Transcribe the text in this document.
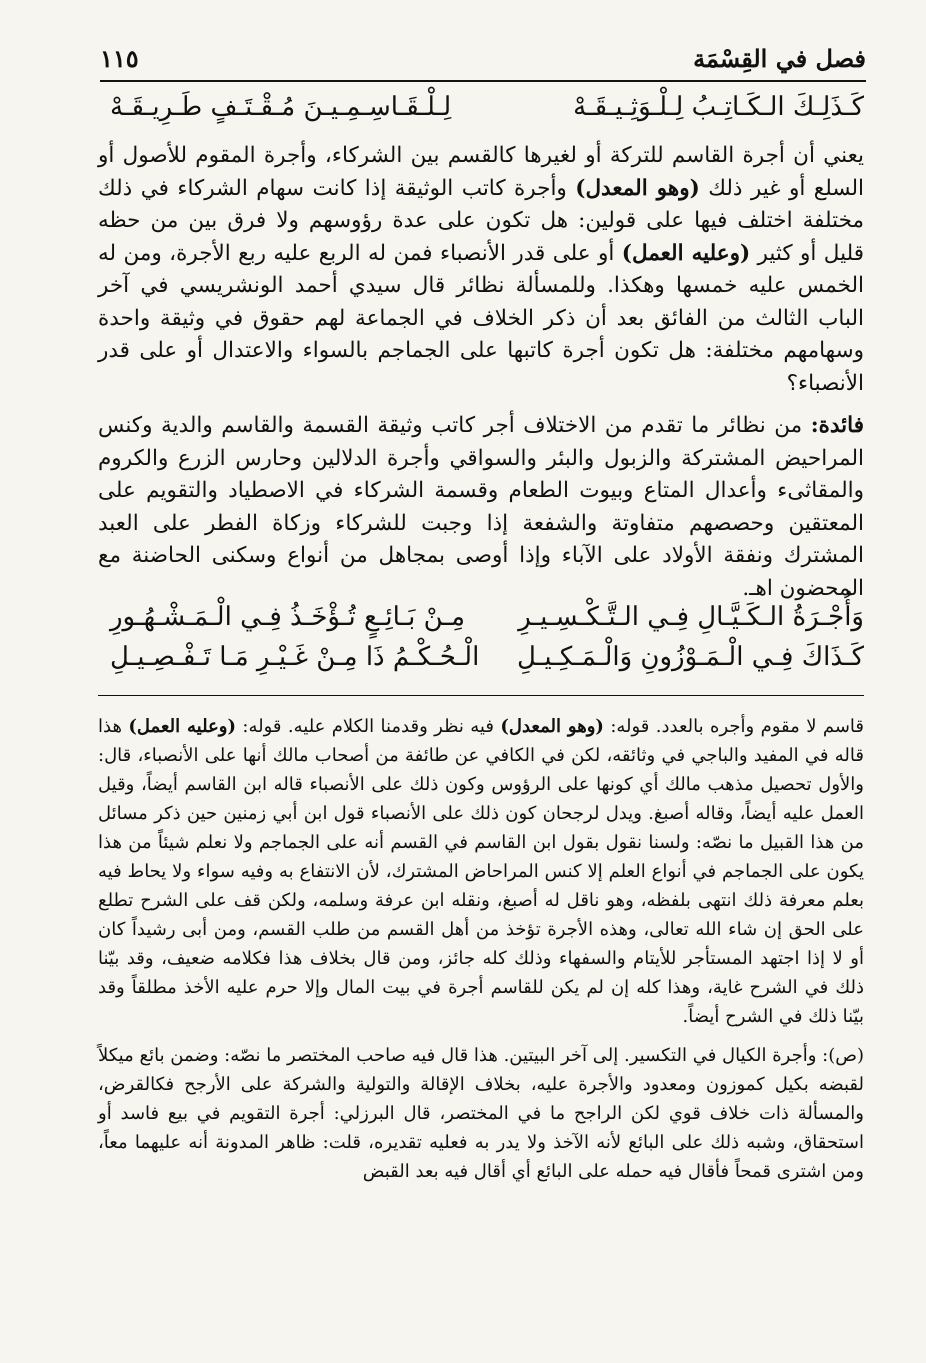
فصل في القِسْمَة
١١٥
كَـذَلِـكَ الـكَـاتِـبُ لِـلْـوَثِـيـقَـهْ
لِـلْـقَـاسِـمِـيـنَ مُـقْـتَـفٍ طَـرِيـقَـهْ

يعني أن أجرة القاسم للتركة أو لغيرها كالقسم بين الشركاء، وأجرة المقوم للأصول أو السلع أو غير ذلك (وهو المعدل) وأجرة كاتب الوثيقة إذا كانت سهام الشركاء في ذلك مختلفة اختلف فيها على قولين: هل تكون على عدة رؤوسهم ولا فرق بين من حظه قليل أو كثير (وعليه العمل) أو على قدر الأنصباء فمن له الربع عليه ربع الأجرة، ومن له الخمس عليه خمسها وهكذا. وللمسألة نظائر قال سيدي أحمد الونشريسي في آخر الباب الثالث من الفائق بعد أن ذكر الخلاف في الجماعة لهم حقوق في وثيقة واحدة وسهامهم مختلفة: هل تكون أجرة كاتبها على الجماجم بالسواء والاعتدال أو على قدر الأنصباء؟

فائدة: من نظائر ما تقدم من الاختلاف أجر كاتب وثيقة القسمة والقاسم والدية وكنس المراحيض المشتركة والزبول والبئر والسواقي وأجرة الدلالين وحارس الزرع والكروم والمقاثىء وأعدال المتاع وبيوت الطعام وقسمة الشركاء في الاصطياد والتقويم على المعتقين وحصصهم متفاوتة والشفعة إذا وجبت للشركاء وزكاة الفطر على العبد المشترك ونفقة الأولاد على الآباء وإذا أوصى بمجاهل من أنواع وسكنى الحاضنة مع المحضون اهـ.

وَأُجْـرَةُ الـكَـيَّـالِ فِـي الـتَّـكْـسِـيـرِ
مِـنْ بَـائِـعٍ تُـؤْخَـذُ فِـي الْـمَـشْـهُـورِ
كَـذَاكَ فِـي الْـمَـوْزُونِ وَالْـمَـكِـيـلِ
الْـحُـكْـمُ ذَا مِـنْ غَـيْـرِ مَـا تَـفْـصِـيـلِ

قاسم لا مقوم وأجره بالعدد. قوله: (وهو المعدل) فيه نظر وقدمنا الكلام عليه. قوله: (وعليه العمل) هذا قاله في المفيد والباجي في وثائقه، لكن في الكافي عن طائفة من أصحاب مالك أنها على الأنصباء، قال: والأول تحصيل مذهب مالك أي كونها على الرؤوس وكون ذلك على الأنصباء قاله ابن القاسم أيضاً، وقيل العمل عليه أيضاً، وقاله أصبغ. ويدل لرجحان كون ذلك على الأنصباء قول ابن أبي زمنين حين ذكر مسائل من هذا القبيل ما نصّه: ولسنا نقول بقول ابن القاسم في القسم أنه على الجماجم ولا نعلم شيئاً من هذا يكون على الجماجم في أنواع العلم إلا كنس المراحاض المشترك، لأن الانتفاع به وفيه سواء ولا يحاط فيه بعلم معرفة ذلك انتهى بلفظه، وهو ناقل له أصبغ، ونقله ابن عرفة وسلمه، ولكن قف على الشرح تطلع على الحق إن شاء الله تعالى، وهذه الأجرة تؤخذ من أهل القسم من طلب القسم، ومن أبى رشيداً كان أو لا إذا اجتهد المستأجر للأيتام والسفهاء وذلك كله جائز، ومن قال بخلاف هذا فكلامه ضعيف، وقد بيّنا ذلك في الشرح غاية، وهذا كله إن لم يكن للقاسم أجرة في بيت المال وإلا حرم عليه الأخذ مطلقاً وقد بيّنا ذلك في الشرح أيضاً.

(ص): وأجرة الكيال في التكسير. إلى آخر البيتين. هذا قال فيه صاحب المختصر ما نصّه: وضمن بائع ميكلاً لقبضه بكيل كموزون ومعدود والأجرة عليه، بخلاف الإقالة والتولية والشركة على الأرجح فكالقرض، والمسألة ذات خلاف قوي لكن الراجح ما في المختصر، قال البرزلي: أجرة التقويم في بيع فاسد أو استحقاق، وشبه ذلك على البائع لأنه الآخذ ولا يدر به فعليه تقديره، قلت: ظاهر المدونة أنه عليهما معاً، ومن اشترى قمحاً فأقال فيه حمله على البائع أي أقال فيه بعد القبض
